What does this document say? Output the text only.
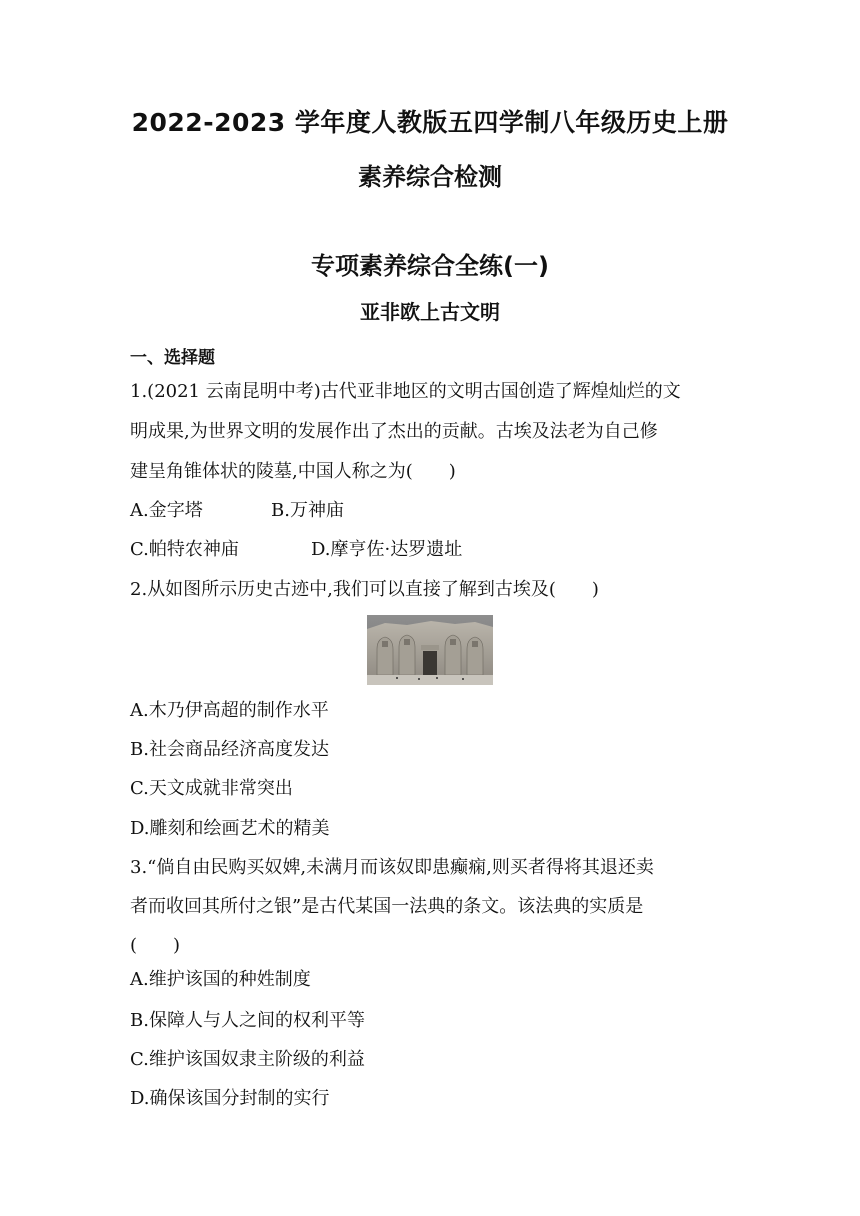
2022-2023 学年度人教版五四学制八年级历史上册
素养综合检测
专项素养综合全练(一)
亚非欧上古文明
一、选择题
1.(2021 云南昆明中考)古代亚非地区的文明古国创造了辉煌灿烂的文
明成果,为世界文明的发展作出了杰出的贡献。古埃及法老为自己修
建呈角锥体状的陵墓,中国人称之为(　　)
A.金字塔	B.万神庙
C.帕特农神庙	D.摩亨佐·达罗遗址
2.从如图所示历史古迹中,我们可以直接了解到古埃及(　　)
A.木乃伊高超的制作水平
B.社会商品经济高度发达
C.天文成就非常突出
D.雕刻和绘画艺术的精美
3.“倘自由民购买奴婢,未满月而该奴即患癫痫,则买者得将其退还卖
者而收回其所付之银”是古代某国一法典的条文。该法典的实质是
(　　)
A.维护该国的种姓制度
B.保障人与人之间的权利平等
C.维护该国奴隶主阶级的利益
D.确保该国分封制的实行
